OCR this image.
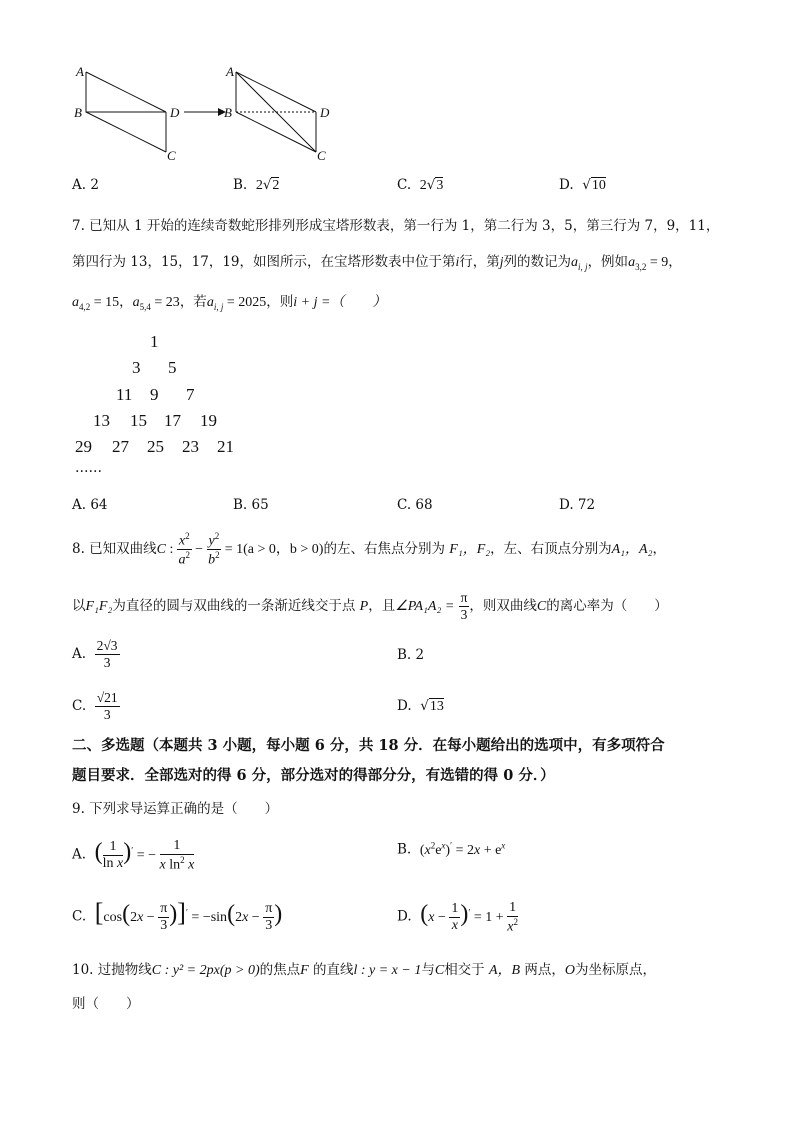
A
B	D
C
A
B	D
C
A. 2	B. 2√2	C. 2√3	D.  √10
7. 已知从 1 开始的连续奇数蛇形排列形成宝塔形数表，第一行为 1，第二行为 3，5，第三行为 7，9，11，
第四行为 13，15，17，19，如图所示，在宝塔形数表中位于第i行，第j列的数记为$a_{i, j}$，例如$a_{3,2} = 9$，
$a_{4,2} = 15$，$a_{5,4} = 23$，若$a_{i, j} = 2025$，则i + j =（　　）
1
3 5
11 9 7
13 15 17 19
29 27 25 23 21
……
A. 64	B. 65	C. 68	D. 72
8. 已知双曲线C : $\frac{x^2}{a^2} - \frac{y^2}{b^2} = 1(a > 0$，b > 0)的左、右焦点分别为 F₁，F₂，左、右顶点分别为A₁，A₂，
以F₁F₂为直径的圆与双曲线的一条渐近线交于点 P，且∠PA₁A₂ = $\frac{\pi}{3}$ ，则双曲线C的离心率为（　　）
A. $\frac{2√3}{3}$	B. 2
C. $\frac{√21}{3}$	D.  √13
二、多选题（本题共 3 小题，每小题 6 分，共 18 分．在每小题给出的选项中，有多项符合
题目要求．全部选对的得 6 分，部分选对的得部分分，有选错的得 0 分．）
9. 下列求导运算正确的是（　　）
A. ( $\frac{1}{\text{ln x}} )'$ = − $\frac{1}{x \ln^2 x}$	B. $(x^2e^x)' = 2x + e^x$
C. $[\cos(2x - \frac{\pi}{3} )]' = -\sin(2x - \frac{\pi}{3}$ )	D. $(x - \frac{1}{x} )' = 1 + \frac{1}{x^2}$
10. 过抛物线C : y² = 2px(p > 0)的焦点F 的直线l : y = x − 1与C相交于 A，B 两点，O为坐标原点，
则（　　）
